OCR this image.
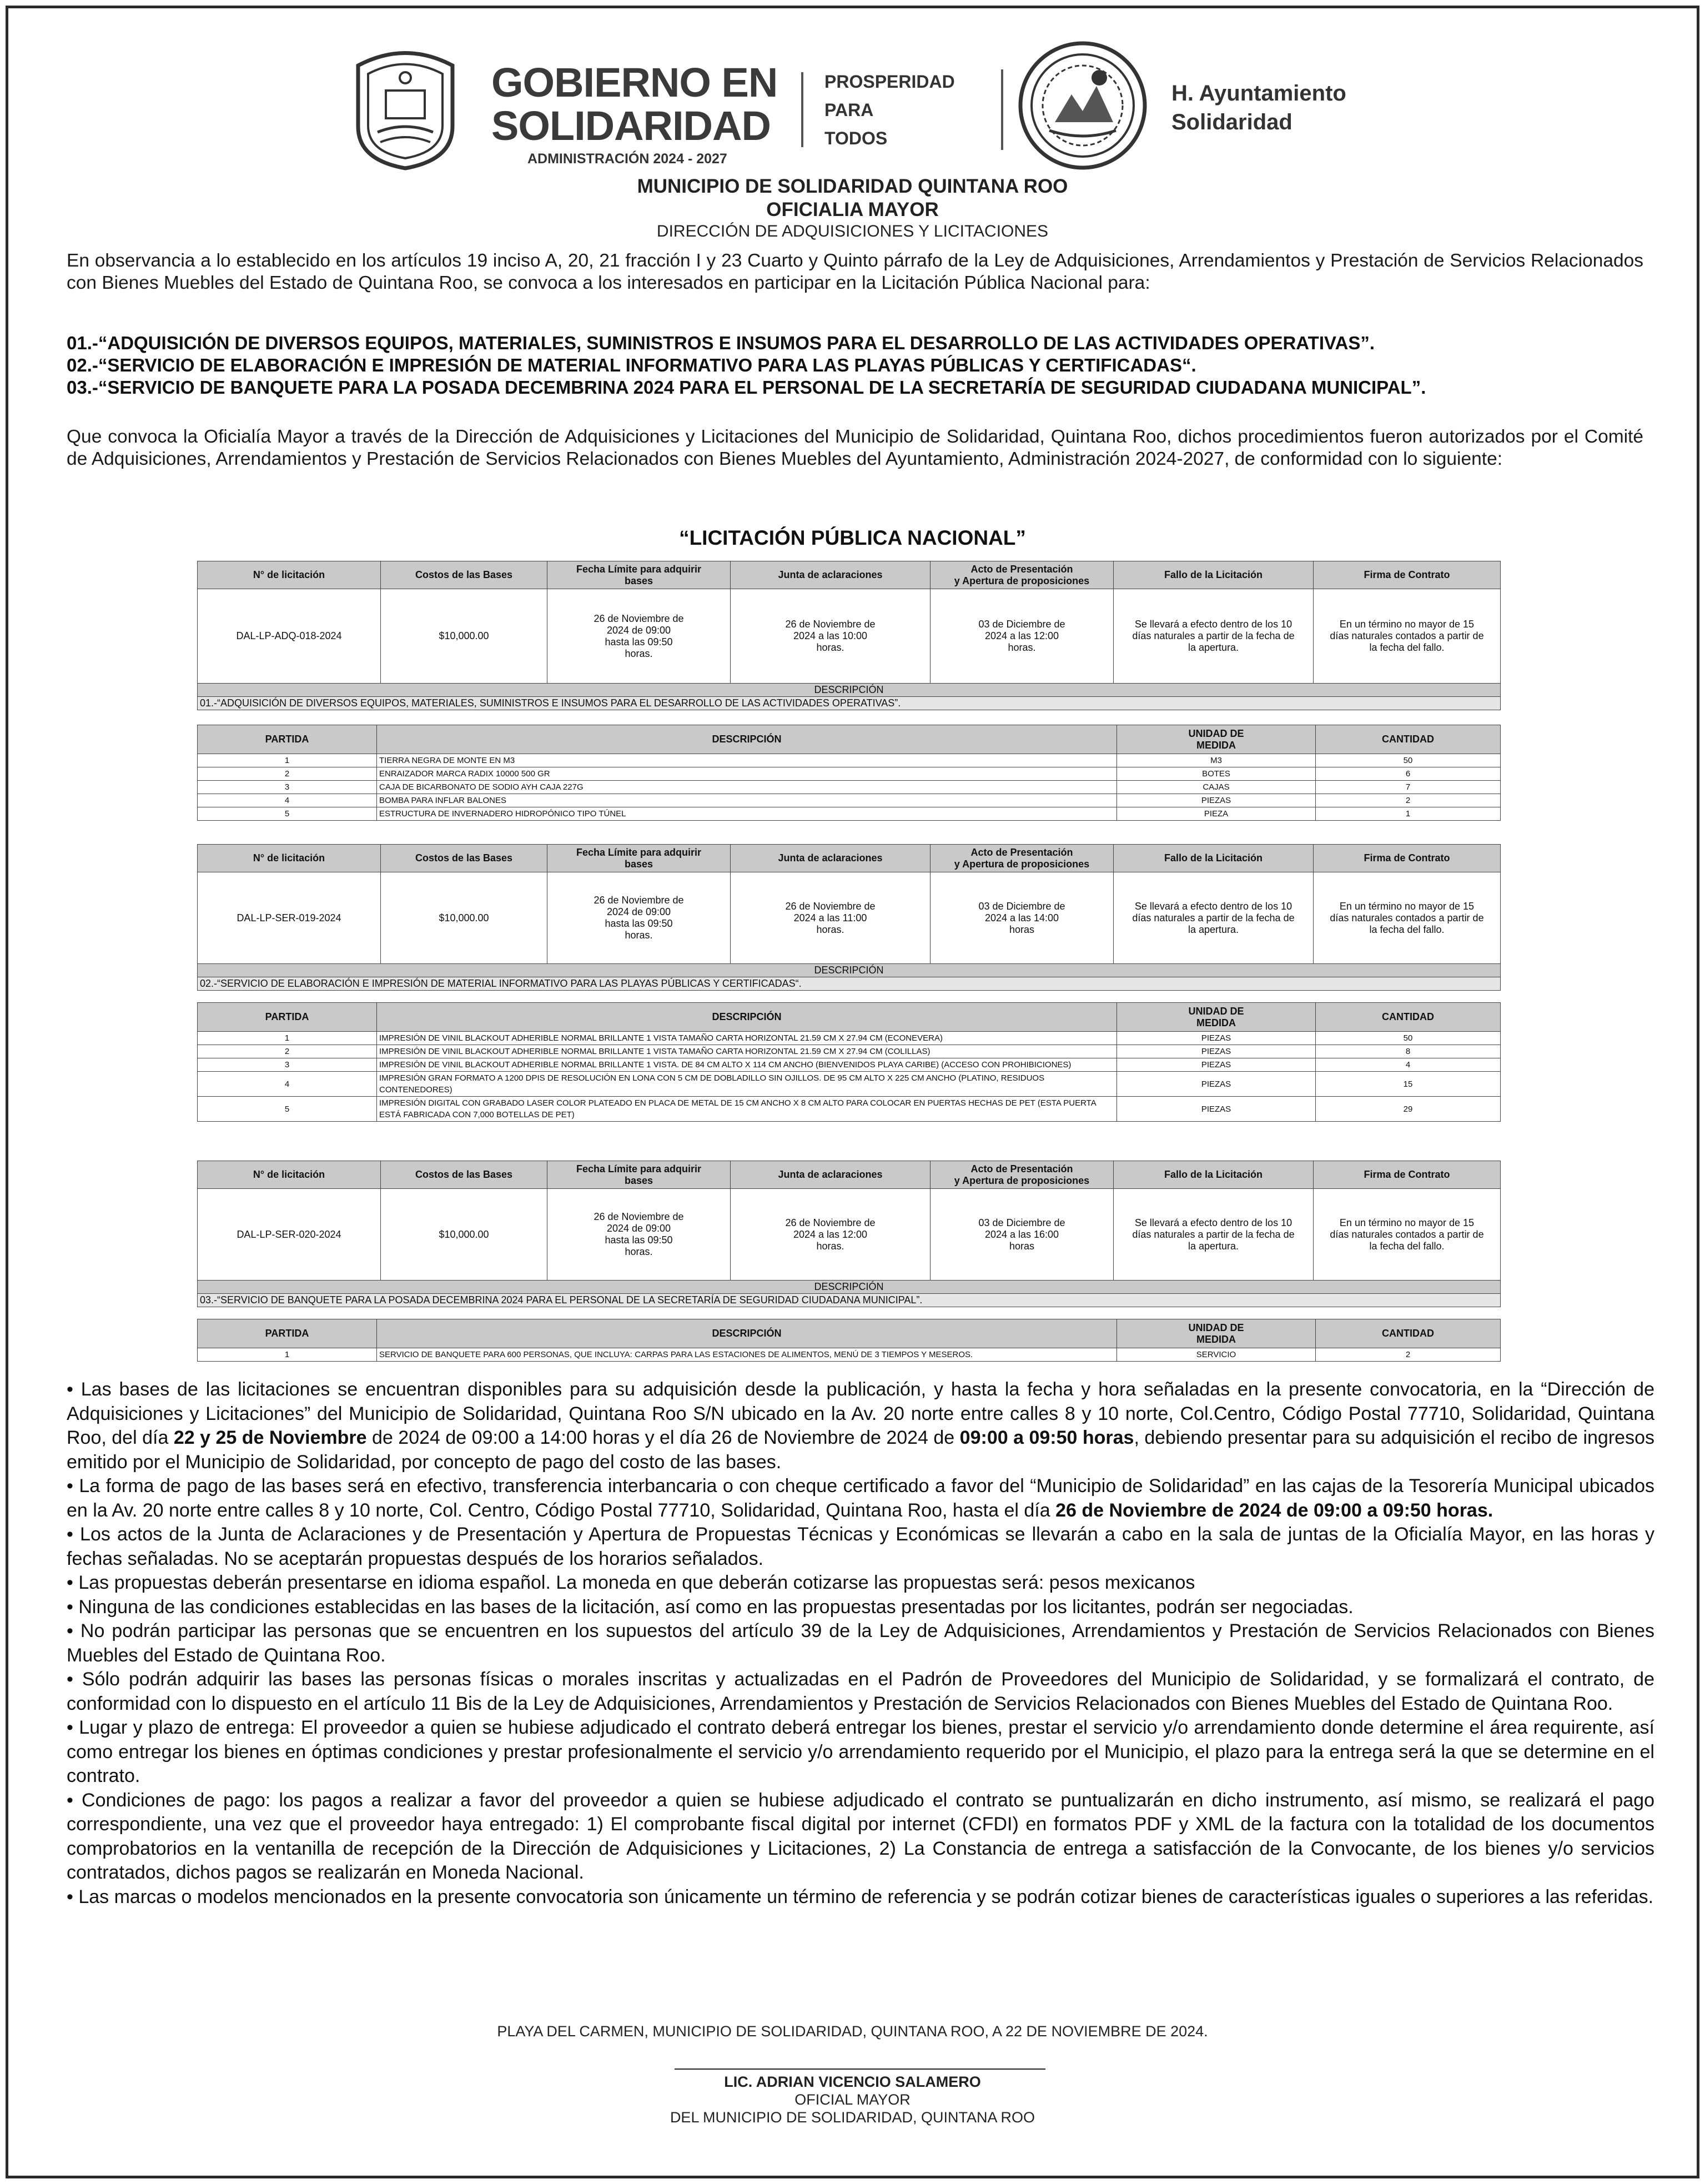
GOBIERNO EN
SOLIDARIDAD
ADMINISTRACIÓN 2024 - 2027
PROSPERIDAD
PARA
TODOS
H. Ayuntamiento
Solidaridad
MUNICIPIO DE SOLIDARIDAD QUINTANA ROO
OFICIALIA MAYOR
DIRECCIÓN DE ADQUISICIONES Y LICITACIONES
En observancia a lo establecido en los artículos 19 inciso A, 20, 21 fracción I y 23 Cuarto y Quinto párrafo de la Ley de Adquisiciones, Arrendamientos y Prestación de Servicios Relacionados con Bienes Muebles del Estado de Quintana Roo, se convoca a los interesados en participar en la Licitación Pública Nacional para:
01.-“ADQUISICIÓN DE DIVERSOS EQUIPOS, MATERIALES, SUMINISTROS E INSUMOS PARA EL DESARROLLO DE LAS ACTIVIDADES OPERATIVAS”.
02.-“SERVICIO DE ELABORACIÓN E IMPRESIÓN DE MATERIAL INFORMATIVO PARA LAS PLAYAS PÚBLICAS Y CERTIFICADAS“.
03.-“SERVICIO DE BANQUETE PARA LA POSADA DECEMBRINA 2024 PARA EL PERSONAL DE LA SECRETARÍA DE SEGURIDAD CIUDADANA MUNICIPAL”.
Que convoca la Oficialía Mayor a través de la Dirección de Adquisiciones y Licitaciones del Municipio de Solidaridad, Quintana Roo, dichos procedimientos fueron autorizados por el Comité de Adquisiciones, Arrendamientos y Prestación de Servicios Relacionados con Bienes Muebles del Ayuntamiento, Administración 2024-2027, de conformidad con lo siguiente:
“LICITACIÓN PÚBLICA NACIONAL”
N° de licitación	Costos de las Bases	Fecha Límite para adquirir
bases	Junta de aclaraciones	Acto de Presentación
y Apertura de proposiciones	Fallo de la Licitación	Firma de Contrato
DAL-LP-ADQ-018-2024	$10,000.00	26 de Noviembre de
2024 de 09:00
hasta las 09:50
horas.	26 de Noviembre de
2024 a las 10:00
horas.	03 de Diciembre de
2024 a las 12:00
horas.	Se llevará a efecto dentro de los 10
días naturales a partir de la fecha de
la apertura.	En un término no mayor de 15
días naturales contados a partir de
la fecha del fallo.
DESCRIPCIÓN						
01.-“ADQUISICIÓN DE DIVERSOS EQUIPOS, MATERIALES, SUMINISTROS E INSUMOS PARA EL DESARROLLO DE LAS ACTIVIDADES OPERATIVAS”.						
PARTIDA	DESCRIPCIÓN	UNIDAD DE
MEDIDA	CANTIDAD
1	TIERRA NEGRA DE MONTE EN M3	M3	50
2	ENRAIZADOR MARCA RADIX 10000 500 GR	BOTES	6
3	CAJA DE BICARBONATO DE SODIO AYH CAJA 227G	CAJAS	7
4	BOMBA PARA INFLAR BALONES	PIEZAS	2
5	ESTRUCTURA DE INVERNADERO HIDROPÓNICO TIPO TÚNEL	PIEZA	1
N° de licitación	Costos de las Bases	Fecha Límite para adquirir
bases	Junta de aclaraciones	Acto de Presentación
y Apertura de proposiciones	Fallo de la Licitación	Firma de Contrato
DAL-LP-SER-019-2024	$10,000.00	26 de Noviembre de
2024 de 09:00
hasta las 09:50
horas.	26 de Noviembre de
2024 a las 11:00
horas.	03 de Diciembre de
2024 a las 14:00
horas	Se llevará a efecto dentro de los 10
días naturales a partir de la fecha de
la apertura.	En un término no mayor de 15
días naturales contados a partir de
la fecha del fallo.
DESCRIPCIÓN						
02.-“SERVICIO DE ELABORACIÓN E IMPRESIÓN DE MATERIAL INFORMATIVO PARA LAS PLAYAS PÚBLICAS Y CERTIFICADAS“.						
PARTIDA	DESCRIPCIÓN	UNIDAD DE
MEDIDA	CANTIDAD
1	IMPRESIÓN DE VINIL BLACKOUT ADHERIBLE NORMAL BRILLANTE 1 VISTA TAMAÑO CARTA HORIZONTAL 21.59 CM X 27.94 CM (ECONEVERA)	PIEZAS	50
2	IMPRESIÓN DE VINIL BLACKOUT ADHERIBLE NORMAL BRILLANTE 1 VISTA TAMAÑO CARTA HORIZONTAL 21.59 CM X 27.94 CM (COLILLAS)	PIEZAS	8
3	IMPRESIÓN DE VINIL BLACKOUT ADHERIBLE NORMAL BRILLANTE 1 VISTA. DE 84 CM ALTO X 114 CM ANCHO (BIENVENIDOS PLAYA CARIBE) (ACCESO CON PROHIBICIONES)	PIEZAS	4
4	IMPRESIÓN GRAN FORMATO A 1200 DPIS DE RESOLUCIÓN EN LONA CON 5 CM DE DOBLADILLO SIN OJILLOS. DE 95 CM ALTO X 225 CM ANCHO (PLATINO, RESIDUOS CONTENEDORES)	PIEZAS	15
5	IMPRESIÓN DIGITAL CON GRABADO LASER COLOR PLATEADO EN PLACA DE METAL DE 15 CM ANCHO X 8 CM ALTO PARA COLOCAR EN PUERTAS HECHAS DE PET (ESTA PUERTA ESTÁ FABRICADA CON 7,000 BOTELLAS DE PET)	PIEZAS	29
N° de licitación	Costos de las Bases	Fecha Límite para adquirir
bases	Junta de aclaraciones	Acto de Presentación
y Apertura de proposiciones	Fallo de la Licitación	Firma de Contrato
DAL-LP-SER-020-2024	$10,000.00	26 de Noviembre de
2024 de 09:00
hasta las 09:50
horas.	26 de Noviembre de
2024 a las 12:00
horas.	03 de Diciembre de
2024 a las 16:00
horas	Se llevará a efecto dentro de los 10
días naturales a partir de la fecha de
la apertura.	En un término no mayor de 15
días naturales contados a partir de
la fecha del fallo.
DESCRIPCIÓN						
03.-“SERVICIO DE BANQUETE PARA LA POSADA DECEMBRINA 2024 PARA EL PERSONAL DE LA SECRETARÍA DE SEGURIDAD CIUDADANA MUNICIPAL”.						
PARTIDA	DESCRIPCIÓN	UNIDAD DE
MEDIDA	CANTIDAD
1	SERVICIO DE BANQUETE PARA 600 PERSONAS, QUE INCLUYA: CARPAS PARA LAS ESTACIONES DE ALIMENTOS, MENÚ DE 3 TIEMPOS Y MESEROS.	SERVICIO	2

• Las bases de las licitaciones se encuentran disponibles para su adquisición desde la publicación, y hasta la fecha y hora señaladas en la presente convocatoria, en la “Dirección de Adquisiciones y Licitaciones” del Municipio de Solidaridad, Quintana Roo S/N ubicado en la Av. 20 norte entre calles 8 y 10 norte, Col.Centro, Código Postal 77710, Solidaridad, Quintana Roo, del día 22 y 25 de Noviembre de 2024 de 09:00 a 14:00 horas y el día 26 de Noviembre de 2024 de 09:00 a 09:50 horas, debiendo presentar para su adquisición el recibo de ingresos emitido por el Municipio de Solidaridad, por concepto de pago del costo de las bases.

• La forma de pago de las bases será en efectivo, transferencia interbancaria o con cheque certificado a favor del “Municipio de Solidaridad” en las cajas de la Tesorería Municipal ubicados en la Av. 20 norte entre calles 8 y 10 norte, Col. Centro, Código Postal 77710, Solidaridad, Quintana Roo, hasta el día 26 de Noviembre de 2024 de 09:00 a 09:50 horas.

• Los actos de la Junta de Aclaraciones y de Presentación y Apertura de Propuestas Técnicas y Económicas se llevarán a cabo en la sala de juntas de la Oficialía Mayor, en las horas y fechas señaladas. No se aceptarán propuestas después de los horarios señalados.

• Las propuestas deberán presentarse en idioma español. La moneda en que deberán cotizarse las propuestas será: pesos mexicanos

• Ninguna de las condiciones establecidas en las bases de la licitación, así como en las propuestas presentadas por los licitantes, podrán ser negociadas.

• No podrán participar las personas que se encuentren en los supuestos del artículo 39 de la Ley de Adquisiciones, Arrendamientos y Prestación de Servicios Relacionados con Bienes Muebles del Estado de Quintana Roo.

• Sólo podrán adquirir las bases las personas físicas o morales inscritas y actualizadas en el Padrón de Proveedores del Municipio de Solidaridad, y se formalizará el contrato, de conformidad con lo dispuesto en el artículo 11 Bis de la Ley de Adquisiciones, Arrendamientos y Prestación de Servicios Relacionados con Bienes Muebles del Estado de Quintana Roo.

• Lugar y plazo de entrega: El proveedor a quien se hubiese adjudicado el contrato deberá entregar los bienes, prestar el servicio y/o arrendamiento donde determine el área requirente, así como entregar los bienes en óptimas condiciones y prestar profesionalmente el servicio y/o arrendamiento requerido por el Municipio, el plazo para la entrega será la que se determine en el contrato.

• Condiciones de pago: los pagos a realizar a favor del proveedor a quien se hubiese adjudicado el contrato se puntualizarán en dicho instrumento, así mismo, se realizará el pago correspondiente, una vez que el proveedor haya entregado: 1) El comprobante fiscal digital por internet (CFDI) en formatos PDF y XML de la factura con la totalidad de los documentos comprobatorios en la ventanilla de recepción de la Dirección de Adquisiciones y Licitaciones, 2) La Constancia de entrega a satisfacción de la Convocante, de los bienes y/o servicios contratados, dichos pagos se realizarán en Moneda Nacional.

• Las marcas o modelos mencionados en la presente convocatoria son únicamente un término de referencia y se podrán cotizar bienes de características iguales o superiores a las referidas.

PLAYA DEL CARMEN, MUNICIPIO DE SOLIDARIDAD, QUINTANA ROO, A 22 DE NOVIEMBRE DE 2024.
LIC. ADRIAN VICENCIO SALAMERO
OFICIAL MAYOR
DEL MUNICIPIO DE SOLIDARIDAD, QUINTANA ROO
